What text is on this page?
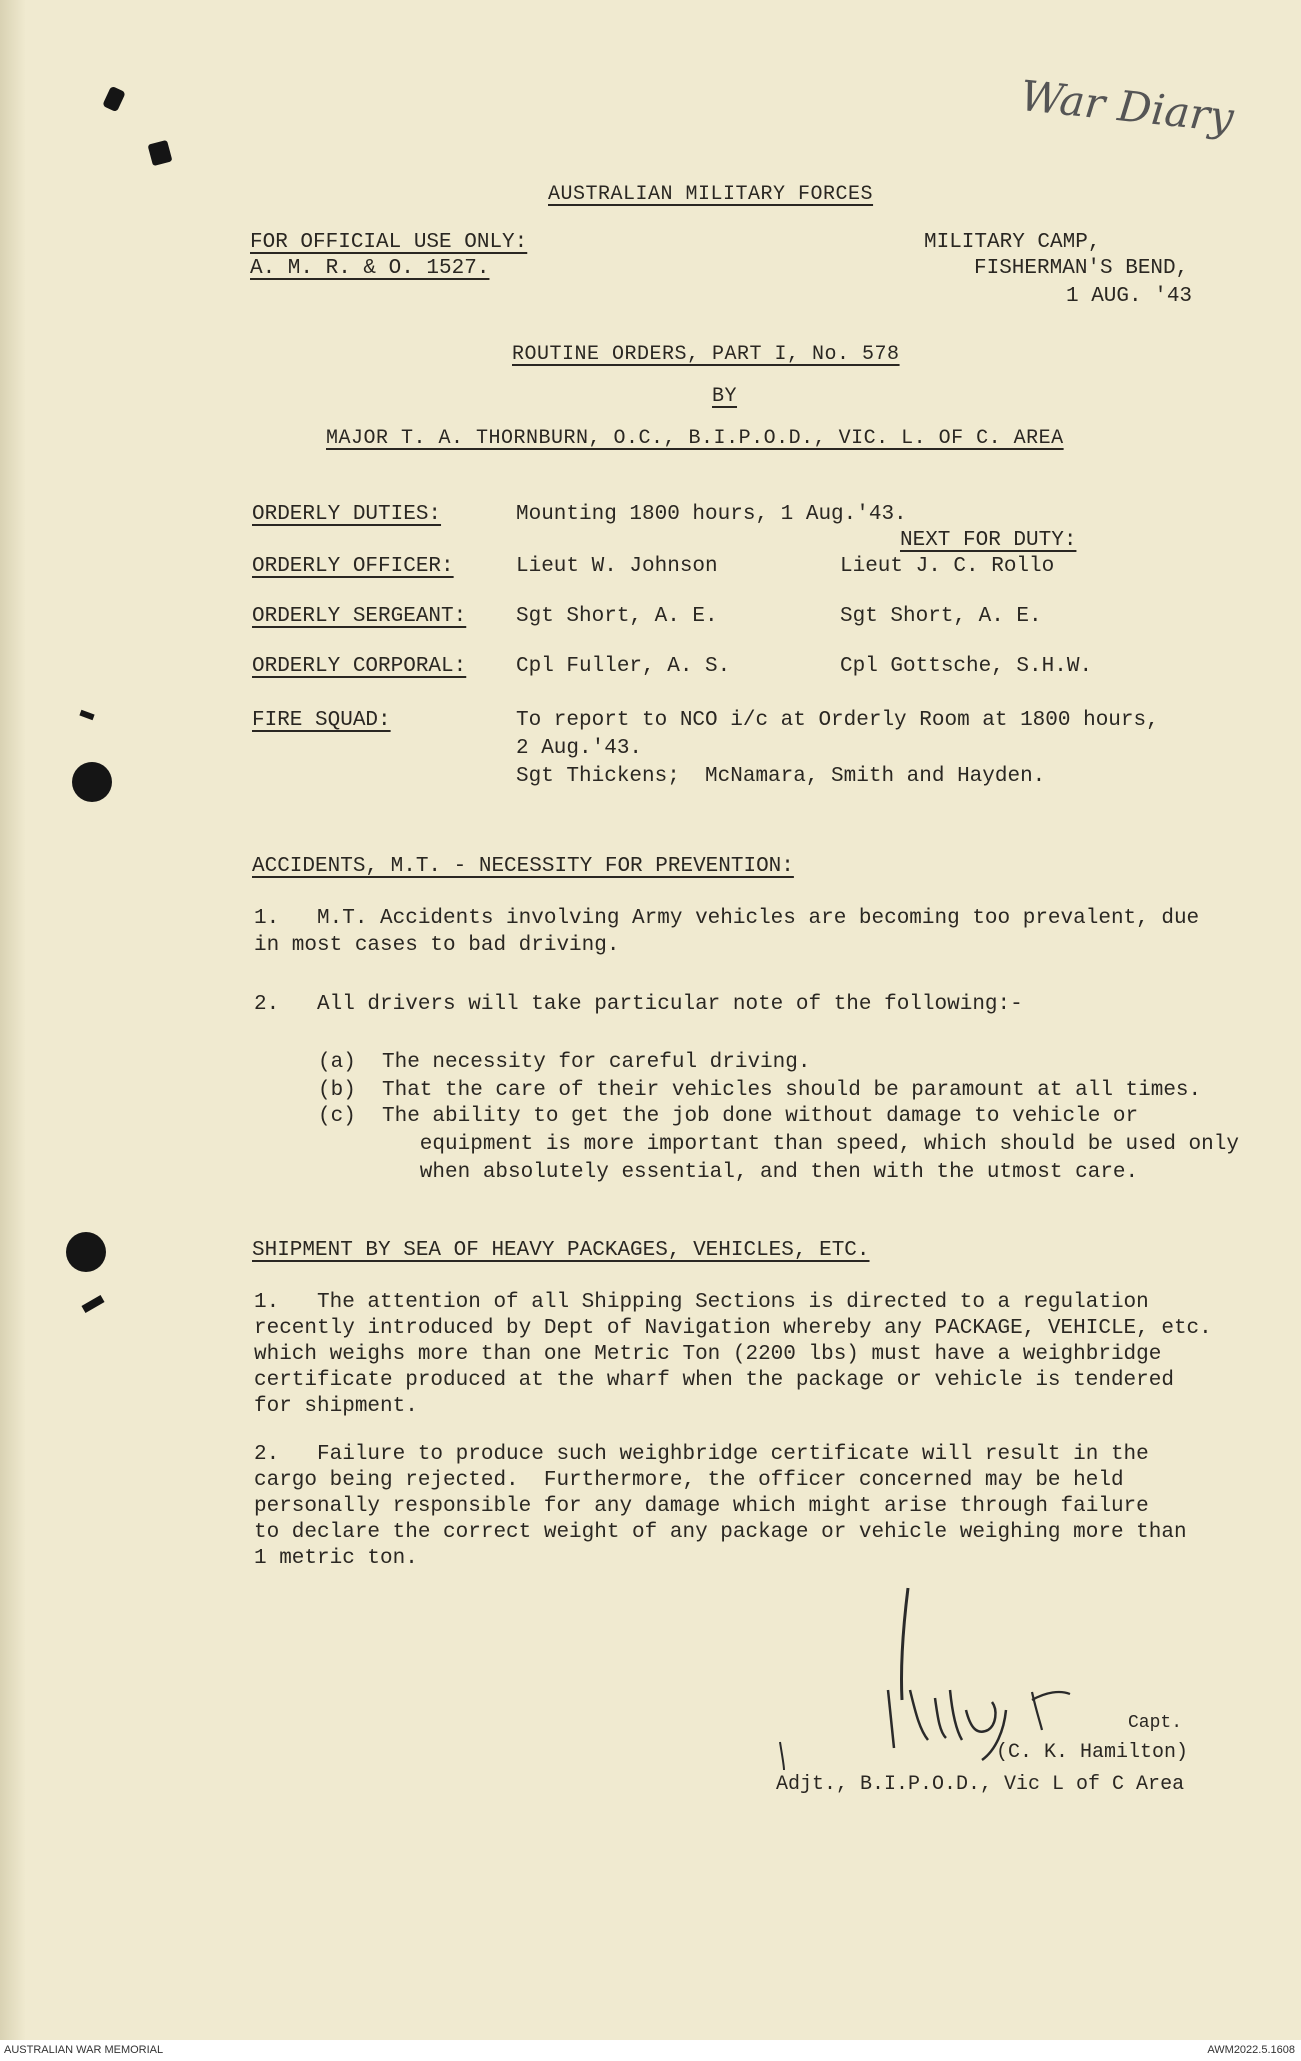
War Diary
AUSTRALIAN MILITARY FORCES
FOR OFFICIAL USE ONLY:
A. M. R. & O. 1527.
MILITARY CAMP,
FISHERMAN'S BEND,
1 AUG. '43
ROUTINE ORDERS, PART I, No. 578
BY
MAJOR T. A. THORNBURN, O.C., B.I.P.O.D., VIC. L. OF C. AREA
ORDERLY DUTIES:	Mounting 1800 hours, 1 Aug.'43.
NEXT FOR DUTY:
ORDERLY OFFICER:	Lieut W. Johnson	Lieut J. C. Rollo
ORDERLY SERGEANT: Sgt Short, A. E.	Sgt Short, A. E.
ORDERLY CORPORAL: Cpl Fuller, A. S.	Cpl Gottsche, S.H.W.
FIRE SQUAD:	To report to NCO i/c at Orderly Room at 1800 hours,
2 Aug.'43.
Sgt Thickens;  McNamara, Smith and Hayden.
ACCIDENTS, M.T. - NECESSITY FOR PREVENTION:
1.   M.T. Accidents involving Army vehicles are becoming too prevalent, due
in most cases to bad driving.
2.   All drivers will take particular note of the following:-
(a) The necessity for careful driving.
(b) That the care of their vehicles should be paramount at all times.
(c) The ability to get the job done without damage to vehicle or
equipment is more important than speed, which should be used only
when absolutely essential, and then with the utmost care.
SHIPMENT BY SEA OF HEAVY PACKAGES, VEHICLES, ETC.
1.   The attention of all Shipping Sections is directed to a regulation
recently introduced by Dept of Navigation whereby any PACKAGE, VEHICLE, etc.
which weighs more than one Metric Ton (2200 lbs) must have a weighbridge
certificate produced at the wharf when the package or vehicle is tendered
for shipment.
2.   Failure to produce such weighbridge certificate will result in the
cargo being rejected.  Furthermore, the officer concerned may be held
personally responsible for any damage which might arise through failure
to declare the correct weight of any package or vehicle weighing more than
1 metric ton.
Capt.
(C. K. Hamilton)
Adjt., B.I.P.O.D., Vic L of C Area
AUSTRALIAN WAR MEMORIAL	AWM2022.5.1608
